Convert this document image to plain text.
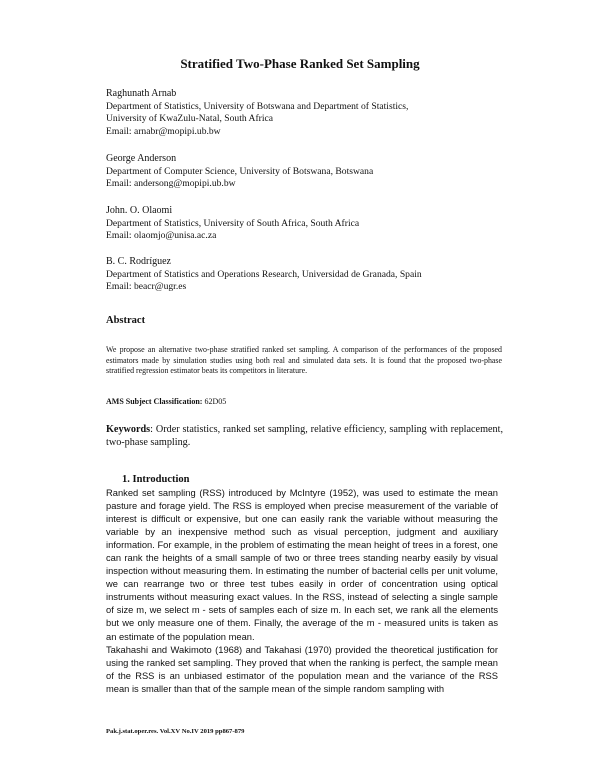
Stratified Two-Phase Ranked Set Sampling
Raghunath Arnab
Department of Statistics, University of Botswana and Department of Statistics,
University of KwaZulu-Natal, South Africa
Email: arnabr@mopipi.ub.bw
George Anderson
Department of Computer Science, University of Botswana, Botswana
Email: andersong@mopipi.ub.bw
John. O. Olaomi
Department of Statistics, University of South Africa, South Africa
Email: olaomjo@unisa.ac.za
B. C. Rodríguez
Department of Statistics and Operations Research, Universidad de Granada, Spain
Email: beacr@ugr.es
Abstract
We propose an alternative two-phase stratified ranked set sampling. A comparison of the performances of the proposed estimators made by simulation studies using both real and simulated data sets. It is found that the proposed two-phase stratified regression estimator beats its competitors in literature.
AMS Subject Classification: 62D05
Keywords: Order statistics, ranked set sampling, relative efficiency, sampling with replacement, two-phase sampling.
1. Introduction

Ranked set sampling (RSS) introduced by McIntyre (1952), was used to estimate the mean pasture and forage yield. The RSS is employed when precise measurement of the variable of interest is difficult or expensive, but one can easily rank the variable without measuring the variable by an inexpensive method such as visual perception, judgment and auxiliary information. For example, in the problem of estimating the mean height of trees in a forest, one can rank the heights of a small sample of two or three trees standing nearby easily by visual inspection without measuring them. In estimating the number of bacterial cells per unit volume, we can rearrange two or three test tubes easily in order of concentration using optical instruments without measuring exact values. In the RSS, instead of selecting a single sample of size m, we select m - sets of samples each of size m. In each set, we rank all the elements but we only measure one of them. Finally, the average of the m - measured units is taken as an estimate of the population mean.

Takahashi and Wakimoto (1968) and Takahasi (1970) provided the theoretical justification for using the ranked set sampling. They proved that when the ranking is perfect, the sample mean of the RSS is an unbiased estimator of the population mean and the variance of the RSS mean is smaller than that of the sample mean of the simple random sampling with

Pak.j.stat.oper.res. Vol.XV No.IV 2019 pp867-879
